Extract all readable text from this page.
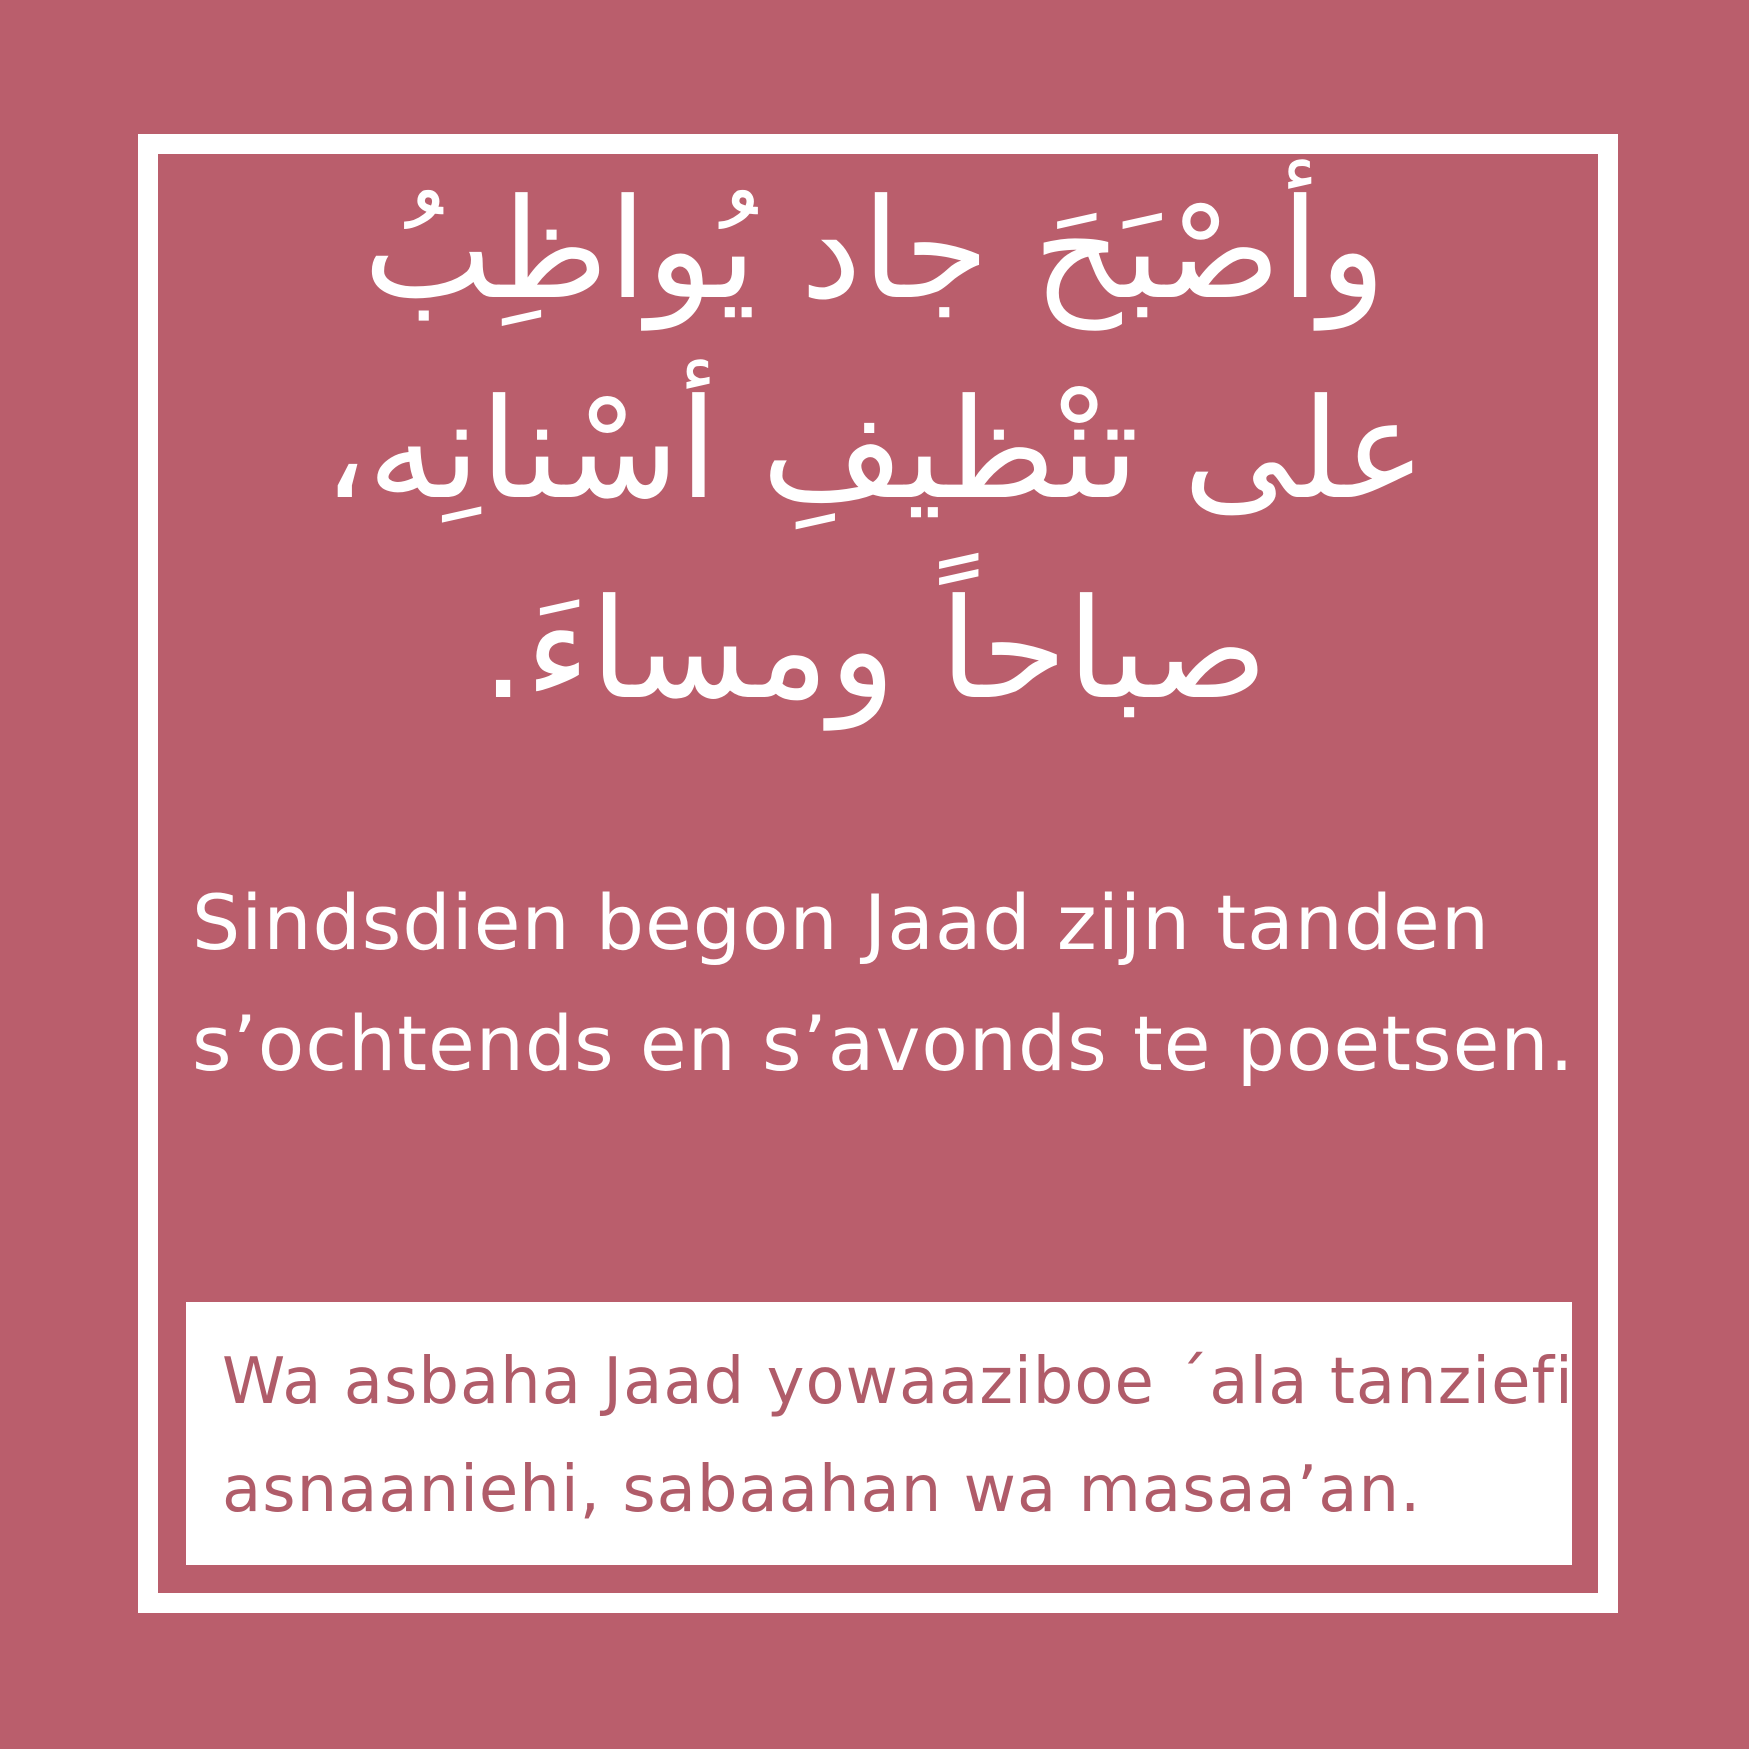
وأصْبَحَ جاد يُواظِبُ
على تنْظيفِ أسْنانِه،
صباحاً ومساءَ.
Sindsdien begon Jaad zijn tanden
s’ochtends en s’avonds te poetsen.
Wa asbaha Jaad yowaaziboe ´ala tanziefi
asnaaniehi, sabaahan wa masaa’an.
